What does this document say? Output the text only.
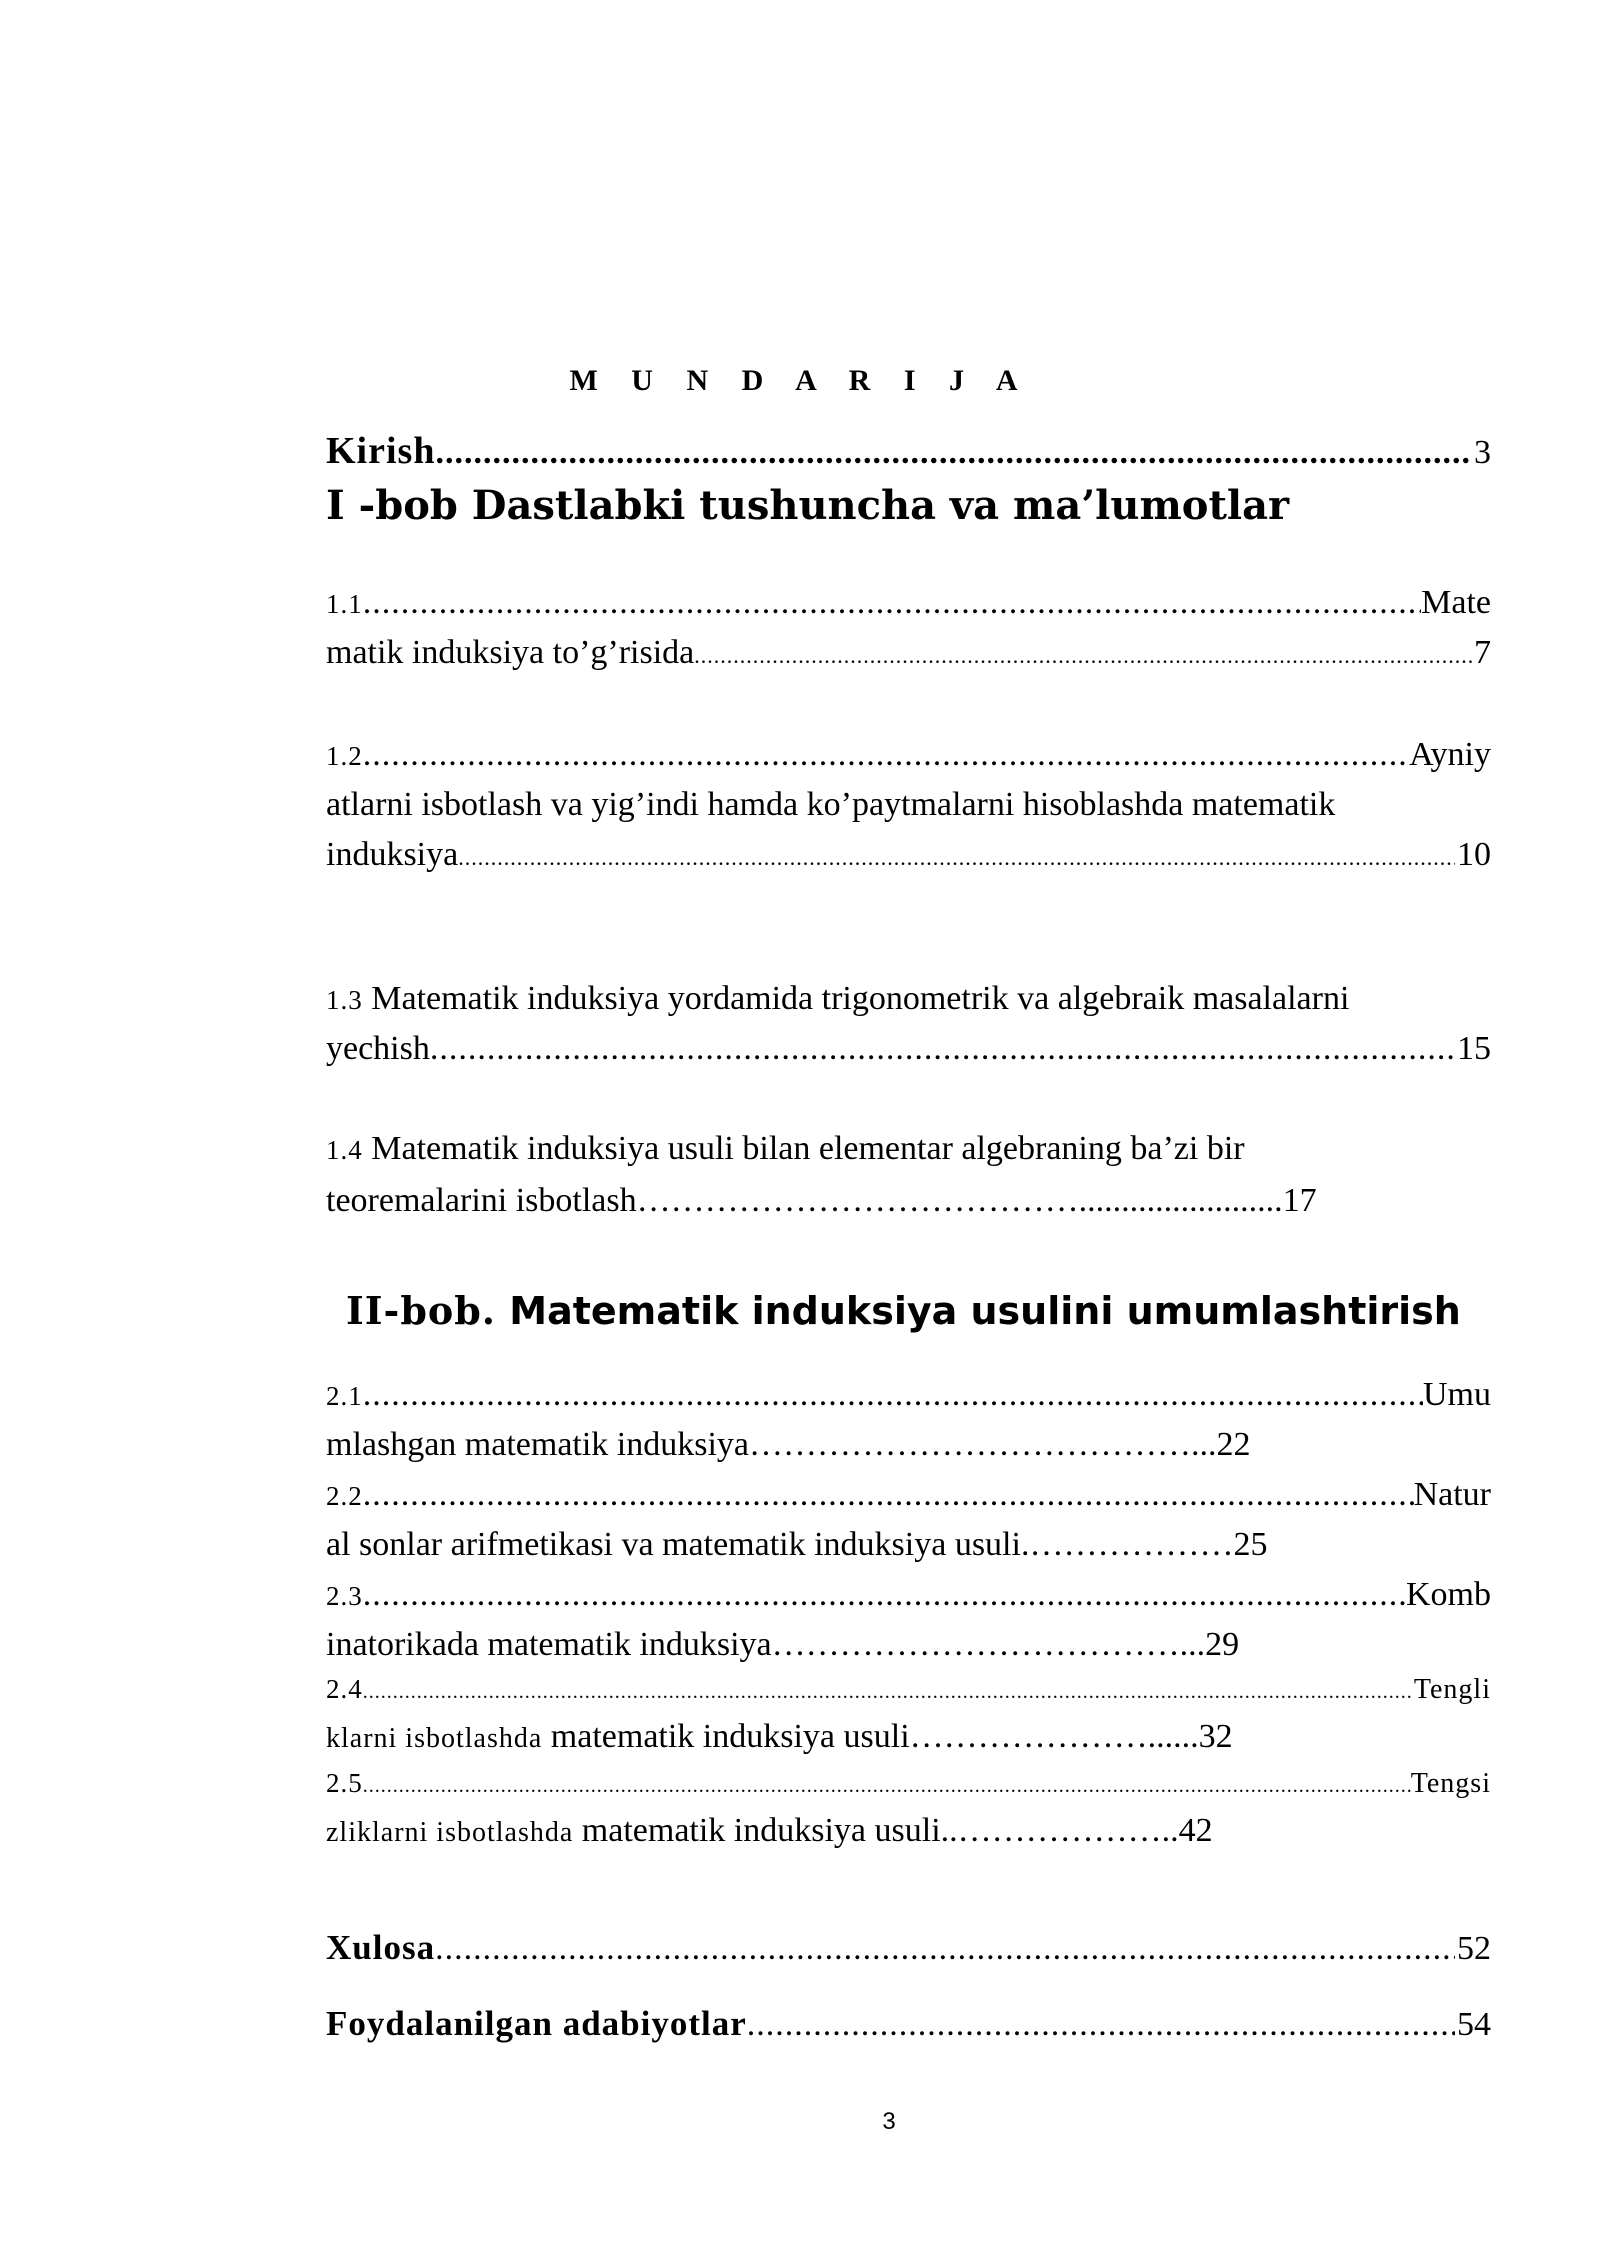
M U N D A R I J A
Kirish .....	3
I -bob Dastlabki tushuncha va ma’lumotlar
1.1 .....	Mate
matik induksiya to’g’risida .....	7
1.2 .....	Ayniy
atlarni isbotlash va yig’indi hamda ko’paytmalarni hisoblashda matematik
induksiya .....	10
1.3 Matematik induksiya yordamida trigonometrik va algebraik masalalarni
yechish .....	15
1.4 Matematik induksiya usuli bilan elementar algebraning ba’zi bir
teoremalarini isbotlash…………………………………........................17
II-bob. Matematik induksiya usulini umumlashtirish
2.1 .....	Umu
mlashgan matematik induksiya…………………………………...22
2.2 .....	Natur
al sonlar arifmetikasi va matematik induksiya usuli.………………25
2.3 .....	Komb
inatorikada matematik induksiya………………………………...29
2.4 .....	Tengli
klarni isbotlashda matematik induksiya usuli…………………......32
2.5 .....	Tengsi
zliklarni isbotlashda matematik induksiya usuli..………………..42
Xulosa .....	52
Foydalanilgan adabiyotlar .....	54
3
